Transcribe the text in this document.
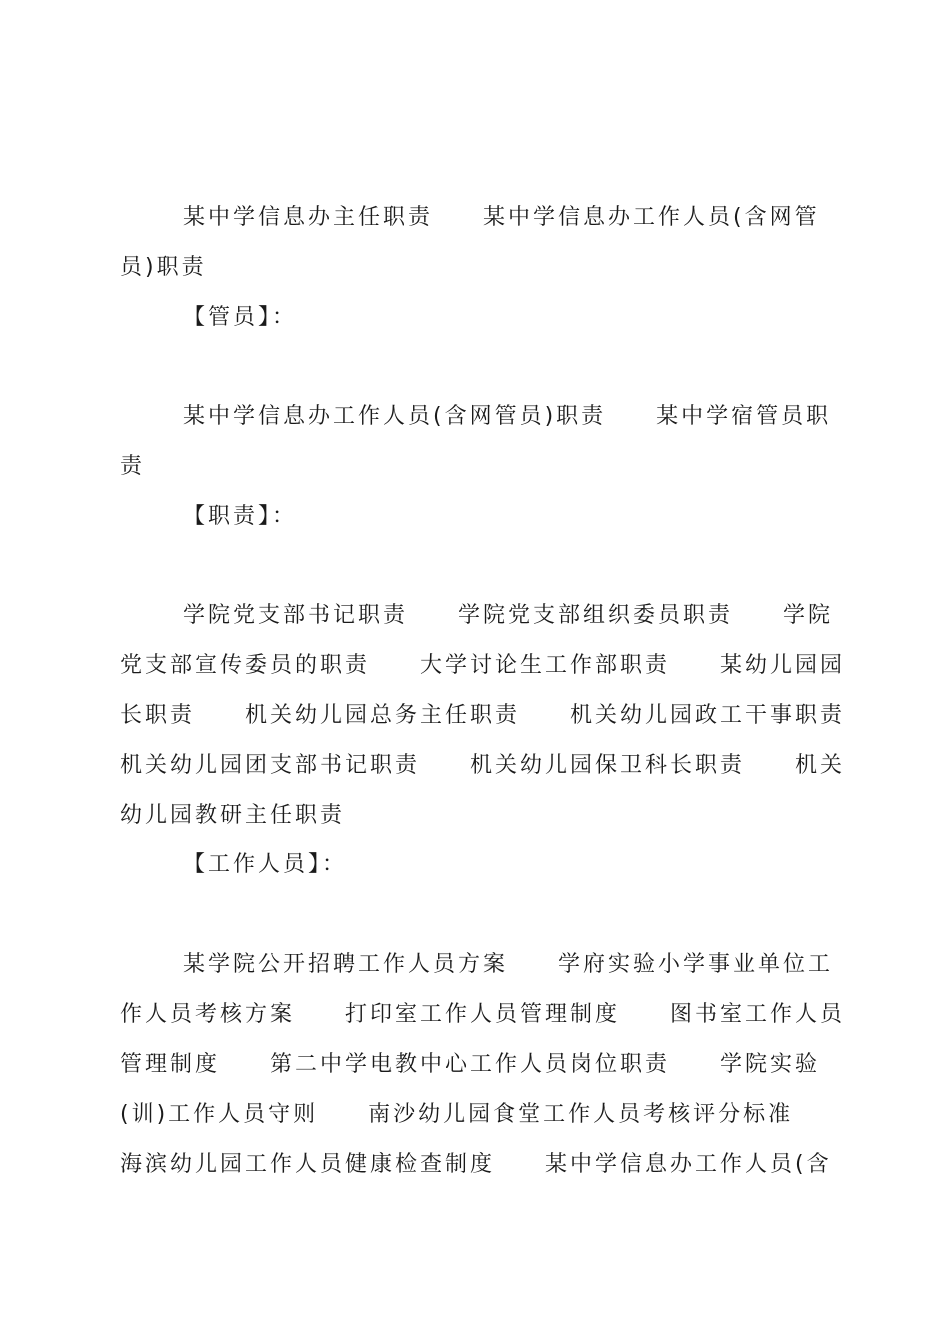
某中学信息办主任职责　　某中学信息办工作人员(含网管
员)职责
【管员】：
某中学信息办工作人员(含网管员)职责　　某中学宿管员职
责
【职责】：
学院党支部书记职责　　学院党支部组织委员职责　　学院
党支部宣传委员的职责　　大学讨论生工作部职责　　某幼儿园园
长职责　　机关幼儿园总务主任职责　　机关幼儿园政工干事职责
机关幼儿园团支部书记职责　　机关幼儿园保卫科长职责　　机关
幼儿园教研主任职责
【工作人员】：
某学院公开招聘工作人员方案　　学府实验小学事业单位工
作人员考核方案　　打印室工作人员管理制度　　图书室工作人员
管理制度　　第二中学电教中心工作人员岗位职责　　学院实验
(训)工作人员守则　　南沙幼儿园食堂工作人员考核评分标准
海滨幼儿园工作人员健康检查制度　　某中学信息办工作人员(含
